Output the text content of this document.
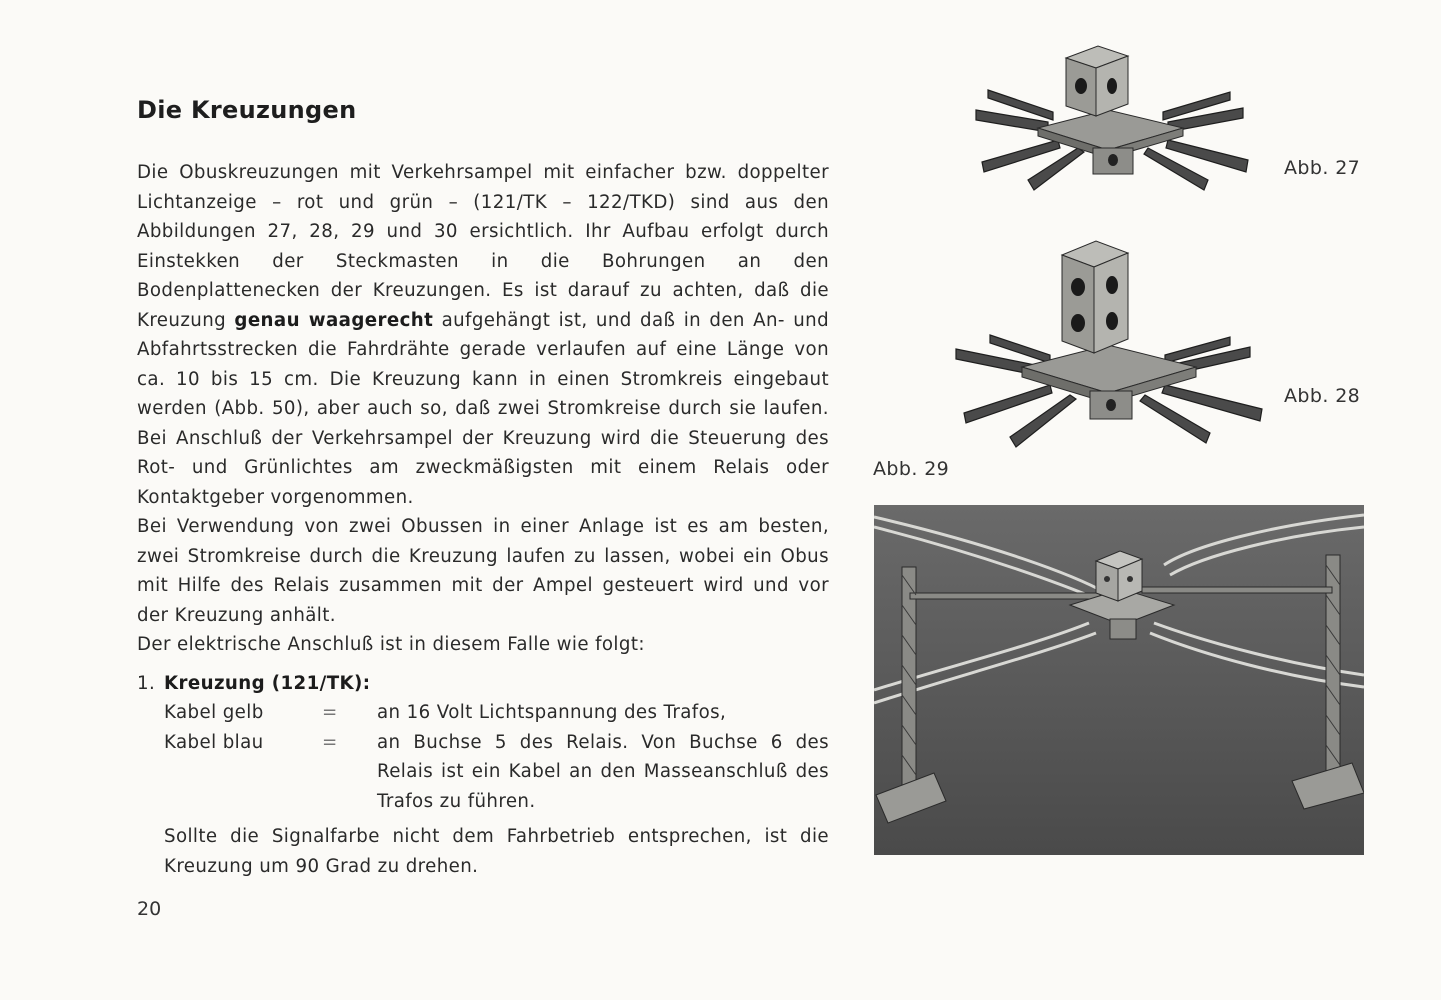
Die Kreuzungen

Die Obuskreuzungen mit Verkehrsampel mit einfacher bzw. doppelter Lichtanzeige – rot und grün – (121/TK – 122/TKD) sind aus den Abbildungen 27, 28, 29 und 30 ersichtlich. Ihr Aufbau erfolgt durch Einstekken der Steckmasten in die Bohrungen an den Bodenplattenecken der Kreuzungen. Es ist darauf zu achten, daß die Kreuzung genau waagerecht aufgehängt ist, und daß in den An- und Abfahrtsstrecken die Fahrdrähte gerade verlaufen auf eine Länge von ca. 10 bis 15 cm. Die Kreuzung kann in einen Stromkreis eingebaut werden (Abb. 50), aber auch so, daß zwei Stromkreise durch sie laufen. Bei Anschluß der Verkehrsampel der Kreuzung wird die Steuerung des Rot- und Grünlichtes am zweckmäßigsten mit einem Relais oder Kontaktgeber vorgenommen.

Bei Verwendung von zwei Obussen in einer Anlage ist es am besten, zwei Stromkreise durch die Kreuzung laufen zu lassen, wobei ein Obus mit Hilfe des Relais zusammen mit der Ampel gesteuert wird und vor der Kreuzung anhält.

Der elektrische Anschluß ist in diesem Falle wie folgt:

1. Kreuzung (121/TK):

Kabel gelb	=	an 16 Volt Lichtspannung des Trafos,
Kabel blau	=	an Buchse 5 des Relais. Von Buchse 6 des Relais ist ein Kabel an den Masseanschluß des Trafos zu führen.

Sollte die Signalfarbe nicht dem Fahrbetrieb entsprechen, ist die Kreuzung um 90 Grad zu drehen.

20
Abb. 27
Abb. 28
Abb. 29
